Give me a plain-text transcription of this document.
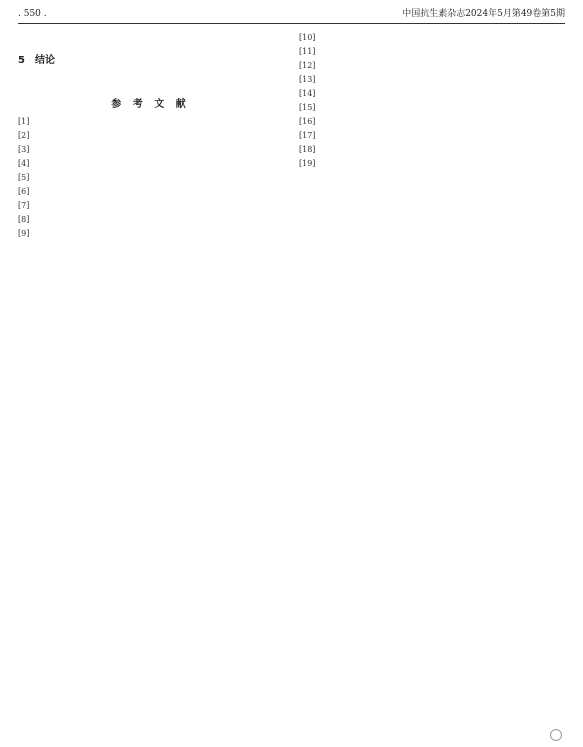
. 550 .	中国抗生素杂志2024年5月第49卷第5期

5　结论

参 考 文 献
[1]
[2]
[3]
[4]
[5]
[6]
[7]
[8]
[9]
[10]
[11]
[12]
[13]
[14]
[15]
[16]
[17]
[18]
[19]
